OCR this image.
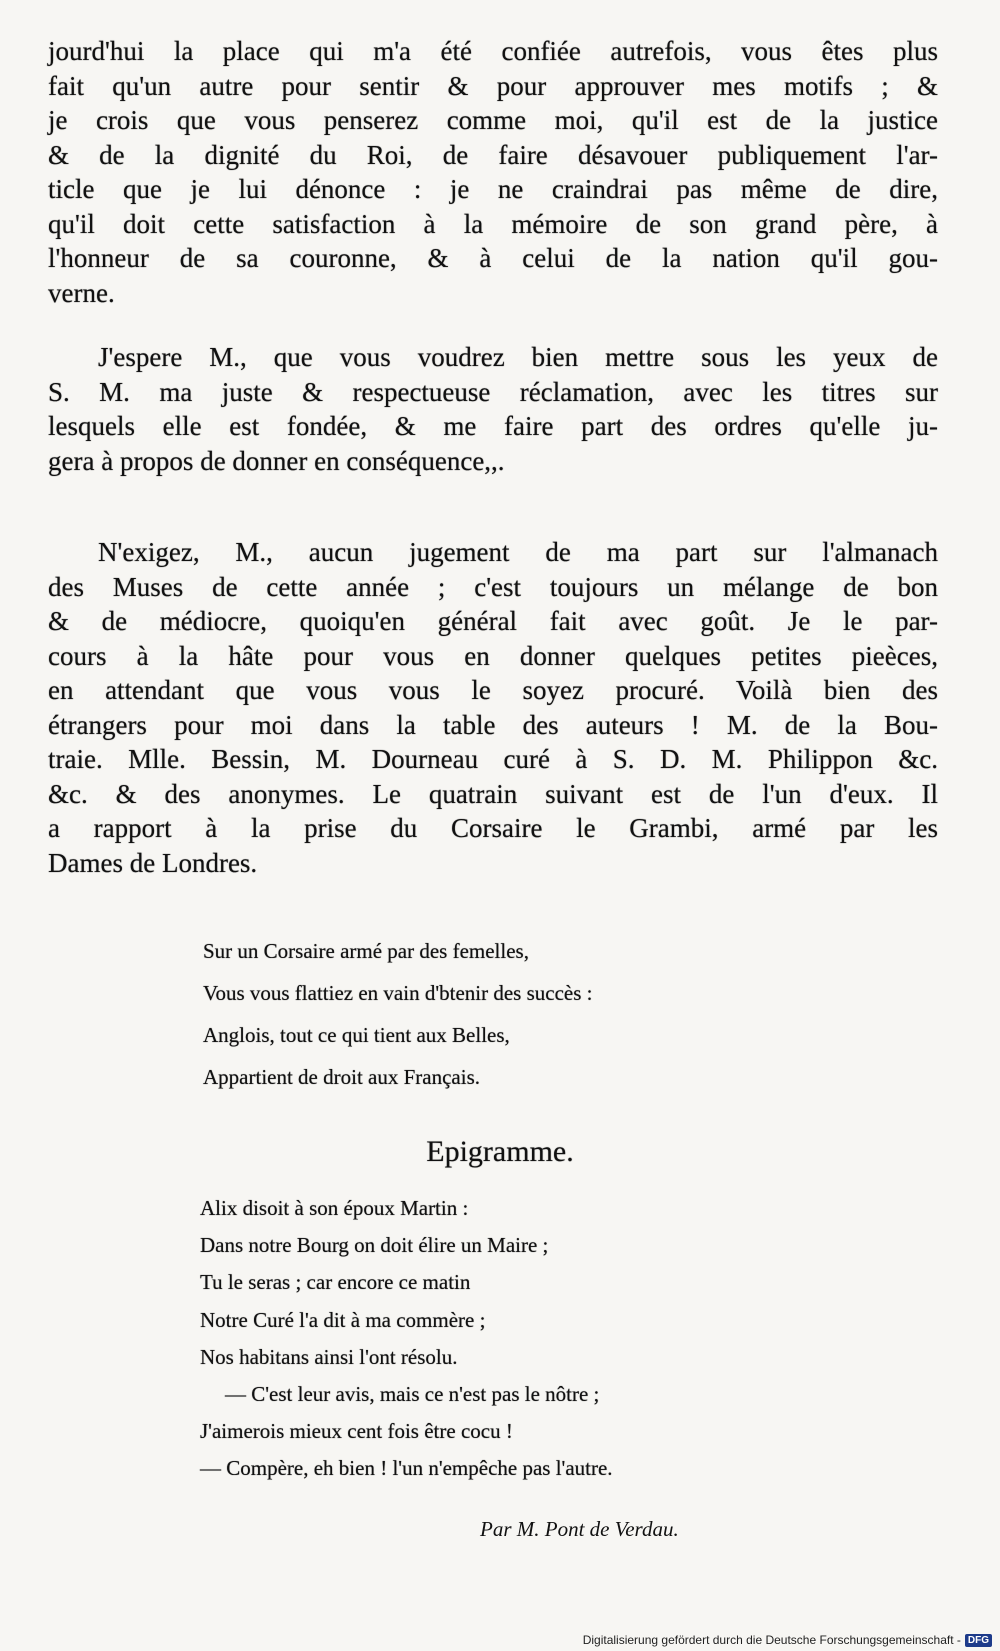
jourd'hui la place qui m'a été confiée autrefois, vous êtes plus
fait qu'un autre pour sentir & pour approuver mes motifs ; &
je crois que vous penserez comme moi, qu'il est de la justice
& de la dignité du Roi, de faire désavouer publiquement l'ar-
ticle que je lui dénonce : je ne craindrai pas même de dire,
qu'il doit cette satisfaction à la mémoire de son grand père, à
l'honneur de sa couronne, & à celui de la nation qu'il gou-
verne.
J'espere M., que vous voudrez bien mettre sous les yeux de
S. M. ma juste & respectueuse réclamation, avec les titres sur
lesquels elle est fondée, & me faire part des ordres qu'elle ju-
gera à propos de donner en conséquence,,.
N'exigez, M., aucun jugement de ma part sur l'almanach
des Muses de cette année ; c'est toujours un mélange de bon
& de médiocre, quoiqu'en général fait avec goût. Je le par-
cours à la hâte pour vous en donner quelques petites pieèces,
en attendant que vous vous le soyez procuré. Voilà bien des
étrangers pour moi dans la table des auteurs ! M. de la Bou-
traie. Mlle. Bessin, M. Dourneau curé à S. D. M. Philippon &c.
&c. & des anonymes. Le quatrain suivant est de l'un d'eux. Il
a rapport à la prise du Corsaire le Grambi, armé par les
Dames de Londres.
Sur un Corsaire armé par des femelles,
Vous vous flattiez en vain d'btenir des succès :
Anglois, tout ce qui tient aux Belles,
Appartient de droit aux Français.
Epigramme.
Alix disoit à son époux Martin :
Dans notre Bourg on doit élire un Maire ;
Tu le seras ; car encore ce matin
Notre Curé l'a dit à ma commère ;
Nos habitans ainsi l'ont résolu.
— C'est leur avis, mais ce n'est pas le nôtre ;
J'aimerois mieux cent fois être cocu !
— Compère, eh bien ! l'un n'empêche pas l'autre.
Par M. Pont de Verdau.
Digitalisierung gefördert durch die Deutsche Forschungsgemeinschaft - DFG
